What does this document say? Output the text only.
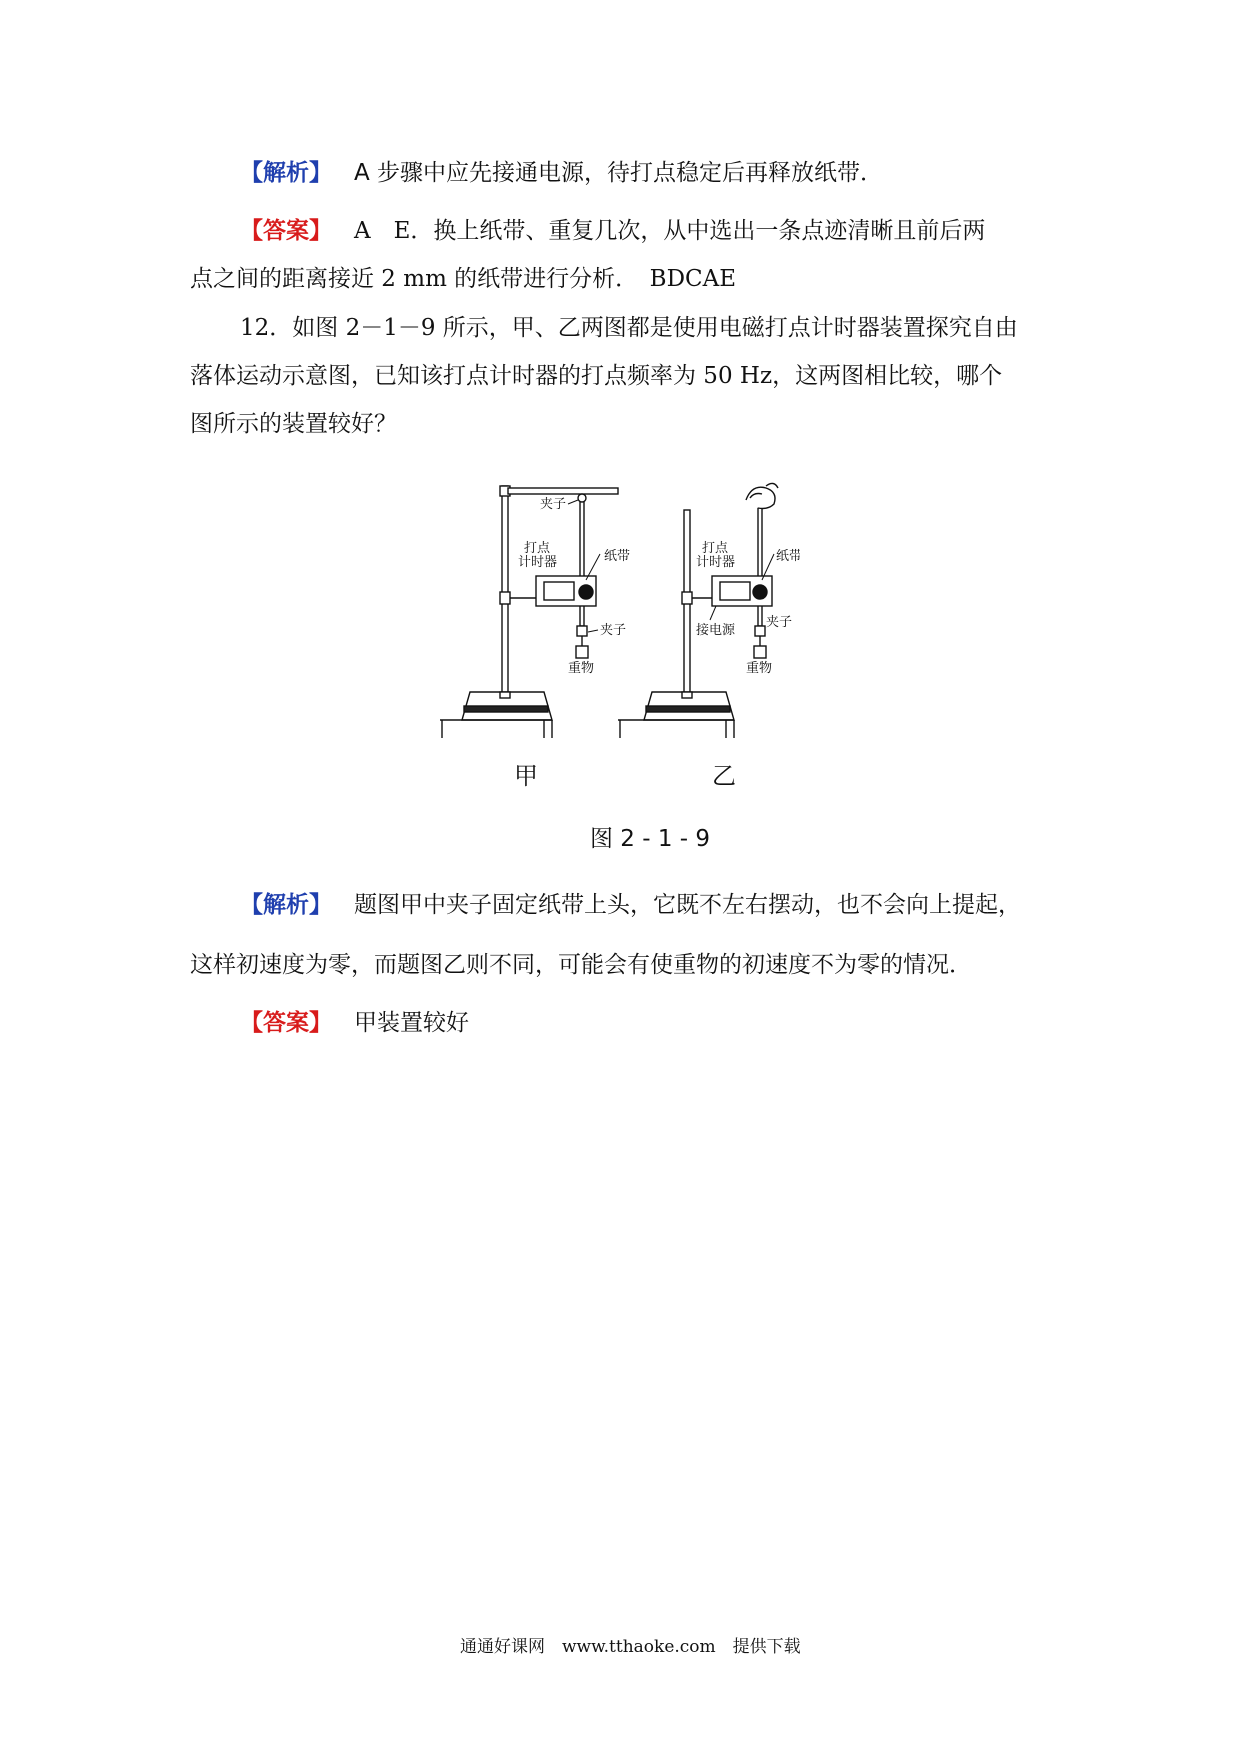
【解析】 A 步骤中应先接通电源，待打点稳定后再释放纸带．
【答案】 A　E．换上纸带、重复几次，从中选出一条点迹清晰且前后两
点之间的距离接近 2 mm 的纸带进行分析．　BDCAE
12．如图 2－1－9 所示，甲、乙两图都是使用电磁打点计时器装置探究自由
落体运动示意图，已知该打点计时器的打点频率为 50 Hz，这两图相比较，哪个
图所示的装置较好？
夹子
打点
计时器	纸带
夹子
重物
打点
计时器	纸带
接电源
夹子
重物
甲	乙
图 2 - 1 - 9
【解析】 题图甲中夹子固定纸带上头，它既不左右摆动，也不会向上提起，
这样初速度为零，而题图乙则不同，可能会有使重物的初速度不为零的情况．
【答案】 甲装置较好
通通好课网　www.tthaoke.com　提供下载
